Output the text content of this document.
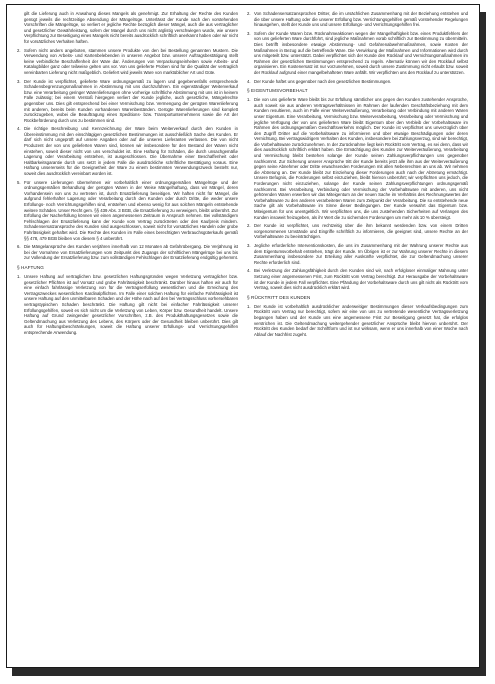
gilt die Lieferung auch in Anwahung dieses Mangels als genehmigt. Zur Erhaltung der Rechte des Kunden genügt jeweils die rechtzeitige Absendung der Mängelrüge. Unterlässt der Kunde nach den vorstehenden Vorschriften die Mängelrüge, so verliert er jegliche Rechte bezüglich dieser Mängel, auch die aus vertraglicher und gesetzlicher Gewährleistung, sofern der Mangel durch uns nicht arglistig verschwiegen wurde, wie unsere Verpflichtung zur Beseitigung eines Mangels nicht bereits ausdrücklich schriftlich anerkannt haben oder wir nicht für vorsätzliches Verhalten haften.
2. Sofern nicht anders angeboten, stammen unsere Produkte von den bei Bestellung genannten Mustern. Die Verwendung von Arbeits- und Kartenbelebenden in unseren Angebot bzw. unserer Auftragsbestätigung stellt keine verbindliche Beschaffenheit der Ware dar. Änderungen von Verpackungseinheiten sowie Arbeits- und Katalogbilder ganz oder teilweise gelten uns vor. Von uns gelieferte Proben sind für die Qualität der vertraglich vereinbarten Lieferung nicht maßgeblich. Geliefert wird jeweils Ware von marktüblicher Art und Güte.
3. Der Kunde ist verpflichtet, gelieferte Ware ordnungsgemäß zu lagern und gegebenenfalls entsprechende Schadensbegrenzungsmaßnahmen in Abstimmung mit uns durchzuführen. Ein eigenständiger Weiterverkauf bzw. eine Verarbeitung geringer Warenlieferungen ohne vorherige schriftliche Abstimmung mit uns ist in keinem Falle zulässig; bei einem Verstoß hiergegen verliert der Kunde jegliche, auch gesetzliche, Mängelrechte gegenüber uns. Dies gilt entsprechend bei einer Vermischung bzw. Vermengung der gerügten Warenlieferung mit anderen, bereits beim Kunden vorhandenen Warenbeständen. Gerügte Warenlieferungen sind komplett zurückzugeben, wobei die Beauftragung eines Speditions- bzw. Transportunternehmens sowie die Art der Rückbeförderung durch uns zu bestimmen sind.
4. Die richtige Beschreibung und Kennzeichnung der Ware beim Weiterverkauf durch den Kunden in Übereinstimmung mit den einschlägigen gesetzlichen Bestimmungen ist ausschließlich Sache des Kunden. Er darf sich nicht ungeprüft auf unsere Angaben oder auf die unseres Lieferanten verlassen. Die von nicht Produzent der von uns gelieferten Waren sind, können wir insbesondere für den Bestand der Waren nicht einstehen, soweit dieser nicht von uns verschuldet ist. Eine Haftung für Schäden, die durch unsachgemäße Lagerung oder Verarbeitung entstehen, ist ausgeschlossen. Die Übernahme einer Beschaffenheit oder Haltbarkeitsgarantie durch uns setzt in jedem Falle die ausdrückliche schriftliche Bestätigung voraus. Eine Haftung unsererseits für die Geeignetheit der Ware zu einem bestimmten Verwendungszweck besteht nur, soweit dies ausdrücklich vereinbart worden ist.
5. Für unsere Lieferungen übernehmen wir vorbehaltlich einer ordnungsgemäßen Mängelrüge und der ordnungsgemäßen Behandlung der gerügten Waren in der Weise Mängelhaftung, dass wir Mängel, deren Vorhandensein von uns zu vertreten ist, durch Ersatzlieferung beseitigen. Wir haften nicht für Mängel, die aufgrund fehlerhafter Lagerung oder Verarbeitung durch den Kunden oder durch Dritte, die weder unsere Erfüllungs- noch Verrichtungsgehilfen sind, entstehen und ebenso wenig für aus solchen Mängeln entstehende weitere Schäden. Unser Recht gem. §§ 439 Abs. 3 BGB, die Ersatzlieferung zu verweigern, bleibt unberührt. Zur Erfüllung der Nacherfüllung können wir einen angemessenen Zeitraum in Anspruch nehmen. Bei vollständigem Fehlschlagen der Ersatzlieferung kann der Kunde vom Vertrag zurücktreten oder den Kaufpreis mindern. Schadensersatzansprüche des Kunden sind ausgeschlossen, soweit nicht für vorsätzliches Handeln oder grobe Fahrlässigkeit gehaftet wird. Die Rechte des Kunden im Falle eines berechtigten Verbrauchsgüterkaufs gemäß §§ 478, 479 BGB bleiben von diesem § 4 unberührt.
6. Die Mängelansprüche des Kunden verjähren innerhalb von 12 Monaten ab Gefahrübergang. Die Verjährung ist bei der Vornahme von Ersatzlieferungen vom Zeitpunkt des Zugangs der schriftlichen Mängelrüge bei uns bis zur Vollendung der Ersatzlieferung bzw. zum vollständigen Fehlschlagen der Ersatzlieferung endgültig gehemmt.
§ HAFTUNG
1. Unsere Haftung auf vertraglichen bzw. gesetzlichen Haftungsgründen wegen Verletzung vertraglicher bzw. gesetzlicher Pflichten ist auf Vorsatz und grobe Fahrlässigkeit beschränkt. Darüber hinaus haften wir auch für eine einfach fahrlässige Verletzung von für die Vertragserfüllung wesentlichen und die Erreichung des Vertragszweckes wesentlichen Kardinalpflichten. Im Falle einer solchen Haftung für einfache Fahrlässigkeit ist unsere Haftung auf den unmittelbaren Schaden und der Höhe nach auf den bei Vertragsschluss vorhersehbaren vertragstypischen Schaden beschränkt. Die Haftung gilt nicht bei einfacher Fahrlässigkeit unserer Erfüllungsgehilfen, soweit es sich nicht um die Verletzung von Leben, Körper bzw. Gesundheit handelt. Unsere Haftung auf Grund zwingender gesetzlicher Vorschriften, z.B. des Produkthaftungsgesetzes sowie die Geltendmachung aus Verletzung des Lebens, des Körpers oder der Gesundheit bleiben unberührt. Dies gilt auch für Haftungsbeschränkungen, soweit die Haftung unserer Erfüllungs- und Verrichtungsgehilfen entsprechende Anwendung.
2. Von Schadensersatzansprüchen Dritter, die im ursächlichen Zusammenhang mit der Beziehung entstehen und die über unsere Haftung oder die unserer Erfüllung bzw. Verrichtungsgehilfen gemäß vorstehender Regelungen hinausgehen, stellt der Kunde uns und unsere Erfüllungs- und Verrichtungsgehilfen frei.
3. Sofern der Kunde Waren bzw. Rücknahmeaktionen wegen der Mangelhaftigkeit bzw. eines Produktfehlers der von uns gelieferten Ware durchführt, sind jegliche Maßnahmen vorab schriftlich zur Bestimmung zu übermitteln. Dies betrifft insbesondere etwaige Abstimmung- und Gefahrenabwehrmaßnahmen, sowie Kosten der Maßnahmen in Bezug auf die betreffende Ware. Die Verwirkung der Maßnahmen und Informationen wird durch uns mitgeteilt bzw. unterstützt. Dabei verpflichtet sich der Kunde den Rücklauf und Vernichtungsmaßnahmen im Rahmen der gesetzlichen Bestimmungen entsprechend zu regeln. Alternativ können wir den Rücklauf selbst organisieren. Ein Kostenersatz ist nur vorzunehmen, soweit durch unsere Zustimmung nicht erlaubt bzw. soweit der Rücklauf aufgrund einer mangelbehafteten Ware anfällt. Wir verpflichten uns den Rücklauf zu unterstützen.
4. Der Kunde haftet uns gegenüber nach den gesetzlichen Bestimmungen.
§ EIGENTUMSVORBEHALT
1. Die von uns gelieferte Ware bleibt bis zur Erfüllung sämtlicher uns gegen den Kunden zustehender Ansprüche, auch soweit sie aus anderen Vertragsverhältnissen im Rahmen der laufenden Geschäftsbeziehung mit dem Kunden resultieren, auch im Falle einer Weiterveräußerung, Verarbeitung oder Verbindung mit anderen Waren unser Eigentum. Eine Verarbeitung, Vermischung bzw. Weiterverarbeitung, Verarbeitung oder Vermischung und jegliche Verfügung der von uns gelieferten Ware bleibt Eigentum über den Verbleib der Vorbehaltsware im Rahmen des ordnungsgemäßen Geschäftsverkehrs möglich. Der Kunde ist verpflichtet uns unverzüglich über den Zugriff Dritter auf die Vorbehaltsware zu informieren und über etwaige Beschädigungen oder deren Vernichtung. Bei vertragswidrigem Verhalten des Kunden, insbesondere bei Zahlungsverzug, sind wir berechtigt, die Vorbehaltsware zurückzunehmen. In der Zurücknahme liegt kein Rücktritt vom Vertrag, es sei denn, dass wir dies ausdrücklich schriftlich erklärt haben. Die Ermächtigung des Kunden zur Weiterveräußerung, Verarbeitung und Vermischung bleibt bestehen solange der Kunde seinen Zahlungsverpflichtungen uns gegenüber nachkommt. Zur Sicherung unserer Ansprüche tritt der Kunde bereits jetzt alle ihm aus der Weiterveräußerung gegen seine Abnehmer oder Dritte erwachsenden Forderungen mit allen Nebenrechten an uns ab. Wir nehmen die Abtretung an. Der Kunde bleibt zur Einziehung dieser Forderungen auch nach der Abtretung ermächtigt. Unsere Befugnis, die Forderungen selbst einzuziehen, bleibt hiervon unberührt; wir verpflichten uns jedoch, die Forderungen nicht einzuziehen, solange der Kunde seinen Zahlungsverpflichtungen ordnungsgemäß nachkommt. Bei Verarbeitung, Verbindung oder Vermischung der Vorbehaltsware mit anderen, uns nicht gehörenden Waren erwerben wir das Miteigentum an der neuen Sache im Verhältnis des Rechnungswertes der Vorbehaltsware zu den anderen verarbeiteten Waren zum Zeitpunkt der Verarbeitung. Die so entstehende neue Sache gilt als Vorbehaltsware im Sinne dieser Bedingungen. Der Kunde verwahrt das Eigentum bzw. Miteigentum für uns unentgeltlich. Wir verpflichten uns, die uns zustehenden Sicherheiten auf Verlangen des Kunden insoweit freizugeben, als ihr Wert die zu sichernden Forderungen um mehr als 10 % übersteigt.
2. Der Kunde ist verpflichtet, uns rechtzeitig über die ihm bekannt werdenden bzw. von einem Dritten vorgenommenen Umstände und Eingriffe schriftlich zu informieren, die geeignet sind, unsere Rechte an der Vorbehaltsware zu beeinträchtigen.
3. Jegliche erforderliche Interventionskosten, die uns im Zusammenhang mit der Wahrung unserer Rechte aus dem Eigentumsvorbehalt entstehen, trägt der Kunde. Im Übrigen ist er zur Wahrung unserer Rechte in diesem Zusammenhang insbesondere zur Erteilung aller Auskünfte verpflichtet, die zur Geltendmachung unserer Rechte erforderlich sind.
4. Bei Verletzung der Zahlungsfähigkeit durch den Kunden sind wir, nach erfolgloser einmaliger Mahnung unter Setzung einer angemessenen Frist, zum Rücktritt vom Vertrag berechtigt. Zur Herausgabe der Vorbehaltsware ist der Kunde in jedem Fall verpflichtet. Eine Pfändung der Vorbehaltsware durch uns gilt nicht als Rücktritt vom Vertrag, soweit dies nicht ausdrücklich erklärt wird.
§ RÜCKTRITT DES KUNDEN
1. Der Kunde ist vorbehaltlich ausdrücklicher anderweitiger Bestimmungen dieser Verkaufsbedingungen zum Rücktritt vom Vertrag nur berechtigt, sofern wir eine von uns zu vertretende wesentliche Vertragsverletzung begangen haben und der Kunde uns eine angemessene Frist zur Beseitigung gesetzt hat, die erfolglos verstrichen ist. Die Geltendmachung weitergehender gesetzlicher Ansprüche bleibt hiervon unberührt. Der Rücktritt des Kunden bedarf der Schriftform und ist nur wirksam, wenn er uns innerhalb von einer Woche nach Ablauf der Nachfrist zugeht.
